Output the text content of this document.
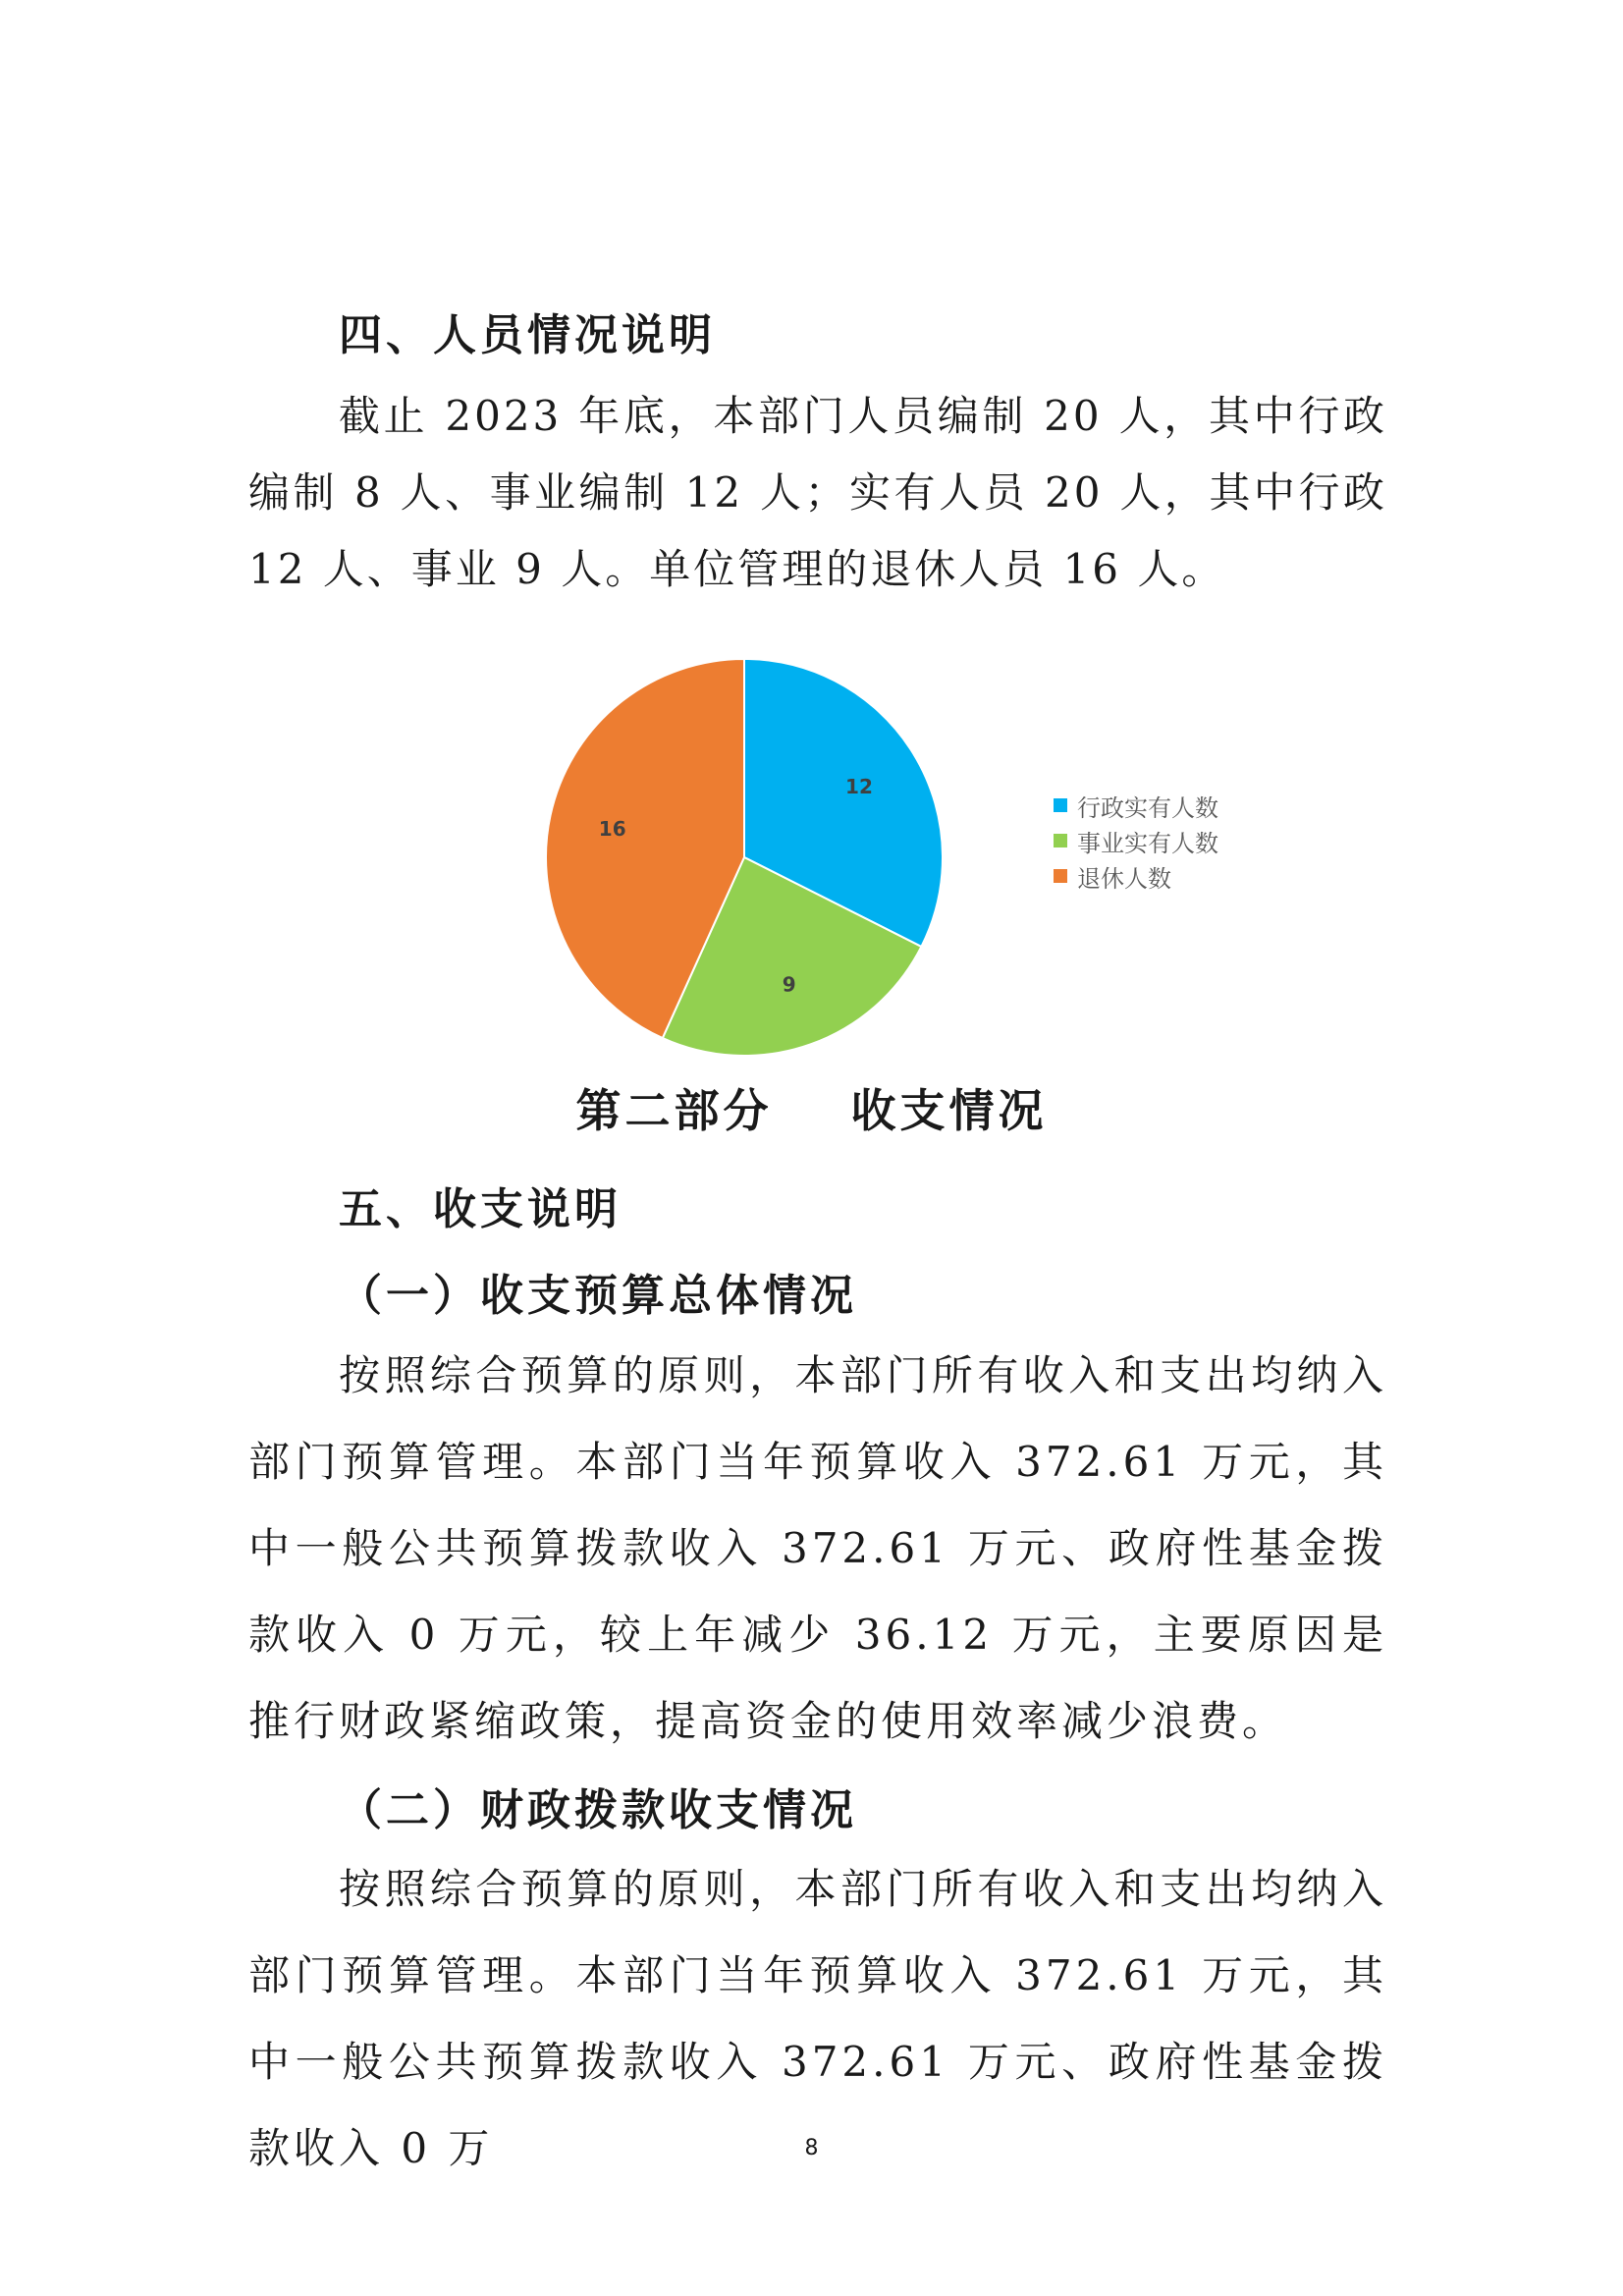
四、人员情况说明

截止 2023 年底，本部门人员编制 20 人，其中行政编制 8 人、事业编制 12 人；实有人员 20 人，其中行政 12 人、事业 9 人。单位管理的退休人员 16 人。

12
9
16
行政实有人数
事业实有人数
退休人数
第二部分    收支情况
五、收支说明
（一）收支预算总体情况

按照综合预算的原则，本部门所有收入和支出均纳入部门预算管理。本部门当年预算收入 372.61 万元，其中一般公共预算拨款收入 372.61 万元、政府性基金拨款收入 0 万元，较上年减少 36.12 万元，主要原因是推行财政紧缩政策，提高资金的使用效率减少浪费。

（二）财政拨款收支情况

按照综合预算的原则，本部门所有收入和支出均纳入部门预算管理。本部门当年预算收入 372.61 万元，其中一般公共预算拨款收入 372.61 万元、政府性基金拨款收入 0 万	8
